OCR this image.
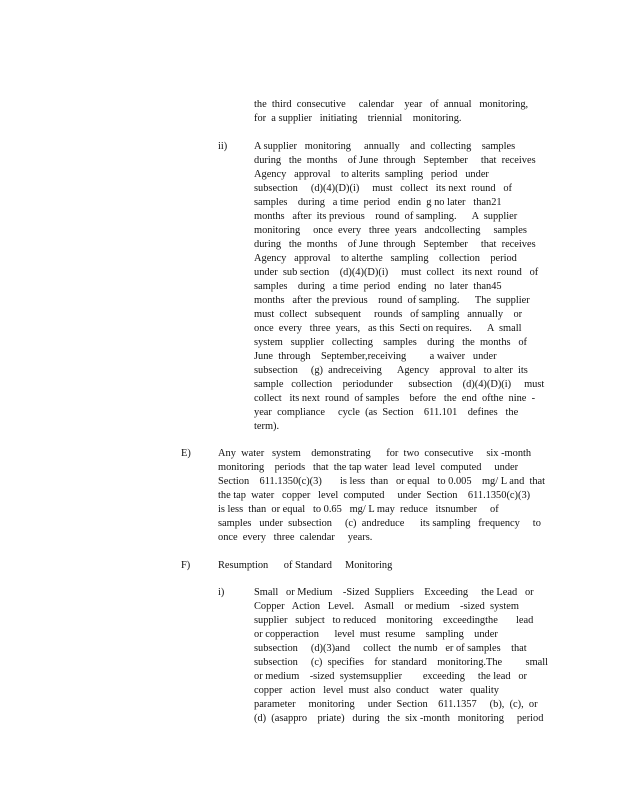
the  third  consecutive     calendar    year   of  annual   monitoring,
for  a supplier   initiating    triennial    monitoring.
ii)	A supplier   monitoring     annually    and  collecting    samples
during   the  months    of June  through   September     that  receives
Agency   approval    to alterits  sampling   period   under
subsection     (d)(4)(D)(i)     must   collect   its next  round   of
samples    during   a time  period   endin  g no later   than21
months   after  its previous    round  of sampling.      A  supplier
monitoring     once  every   three  years   andcollecting     samples
during   the  months    of June  through   September     that  receives
Agency   approval    to alterthe   sampling    collection    period
under  sub section    (d)(4)(D)(i)     must  collect   its next  round   of
samples    during   a time  period   ending   no  later  than45
months   after  the previous    round  of sampling.      The  supplier
must  collect   subsequent     rounds   of sampling   annually    or
once  every   three  years,   as this  Secti on requires.      A  small
system   supplier   collecting    samples    during   the  months   of
June  through    September,receiving         a waiver   under
subsection     (g)  andreceiving      Agency    approval   to alter  its
sample   collection    periodunder      subsection    (d)(4)(D)(i)     must
collect   its next  round  of samples    before   the  end  ofthe  nine  -
year  compliance     cycle  (as  Section    611.101    defines   the
term).
E)	Any  water   system    demonstrating      for  two  consecutive     six -month
monitoring    periods   that  the tap water  lead  level  computed     under
Section    611.1350(c)(3)       is less  than   or equal   to 0.005    mg/ L and  that
the tap  water   copper   level  computed     under  Section    611.1350(c)(3)
is less  than  or equal   to 0.65   mg/ L may  reduce   itsnumber     of
samples   under  subsection     (c)  andreduce      its sampling   frequency     to
once  every   three  calendar     years.
F)	Resumption      of Standard     Monitoring
i)	Small   or Medium    -Sized  Suppliers    Exceeding     the Lead   or
Copper   Action   Level.    Asmall    or medium    -sized  system
supplier   subject   to reduced    monitoring    exceedingthe       lead
or copperaction      level  must  resume    sampling    under
subsection     (d)(3)and     collect   the numb   er of samples    that
subsection     (c)  specifies    for  standard    monitoring.The         small
or medium    -sized  systemsupplier        exceeding     the lead   or
copper   action   level  must  also  conduct    water   quality
parameter     monitoring     under  Section    611.1357     (b),  (c),  or
(d)  (asappro    priate)   during   the  six -month   monitoring     period
